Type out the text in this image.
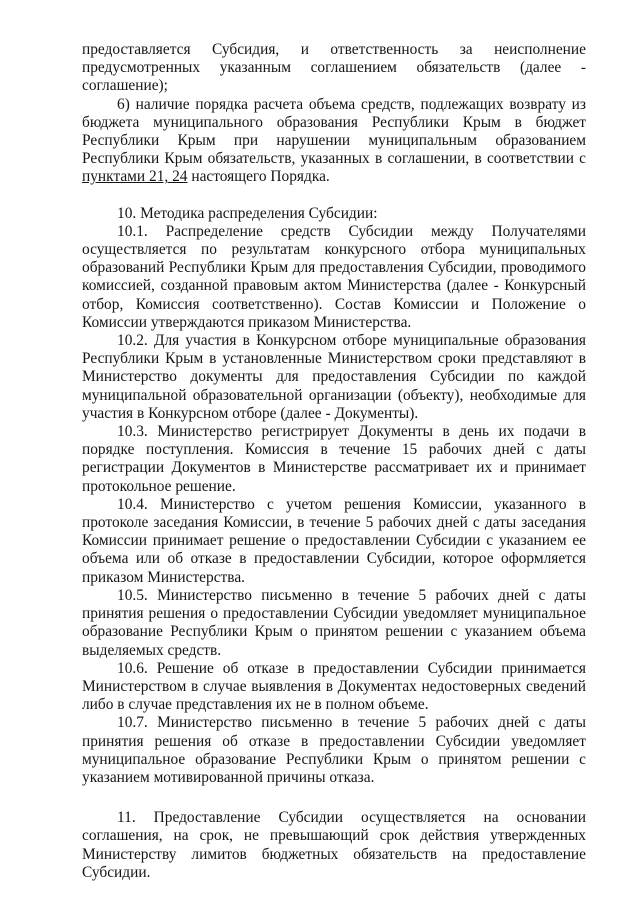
предоставляется Субсидия, и ответственность за неисполнение предусмотренных указанным соглашением обязательств (далее - соглашение);

6) наличие порядка расчета объема средств, подлежащих возврату из бюджета муниципального образования Республики Крым в бюджет Республики Крым при нарушении муниципальным образованием Республики Крым обязательств, указанных в соглашении, в соответствии с пунктами 21, 24 настоящего Порядка.

10. Методика распределения Субсидии:

10.1. Распределение средств Субсидии между Получателями осуществляется по результатам конкурсного отбора муниципальных образований Республики Крым для предоставления Субсидии, проводимого комиссией, созданной правовым актом Министерства (далее - Конкурсный отбор, Комиссия соответственно). Состав Комиссии и Положение о Комиссии утверждаются приказом Министерства.

10.2. Для участия в Конкурсном отборе муниципальные образования Республики Крым в установленные Министерством сроки представляют в Министерство документы для предоставления Субсидии по каждой муниципальной образовательной организации (объекту), необходимые для участия в Конкурсном отборе (далее - Документы).

10.3. Министерство регистрирует Документы в день их подачи в порядке поступления. Комиссия в течение 15 рабочих дней с даты регистрации Документов в Министерстве рассматривает их и принимает протокольное решение.

10.4. Министерство с учетом решения Комиссии, указанного в протоколе заседания Комиссии, в течение 5 рабочих дней с даты заседания Комиссии принимает решение о предоставлении Субсидии с указанием ее объема или об отказе в предоставлении Субсидии, которое оформляется приказом Министерства.

10.5. Министерство письменно в течение 5 рабочих дней с даты принятия решения о предоставлении Субсидии уведомляет муниципальное образование Республики Крым о принятом решении с указанием объема выделяемых средств.

10.6. Решение об отказе в предоставлении Субсидии принимается Министерством в случае выявления в Документах недостоверных сведений либо в случае представления их не в полном объеме.

10.7. Министерство письменно в течение 5 рабочих дней с даты принятия решения об отказе в предоставлении Субсидии уведомляет муниципальное образование Республики Крым о принятом решении с указанием мотивированной причины отказа.

11. Предоставление Субсидии осуществляется на основании соглашения, на срок, не превышающий срок действия утвержденных Министерству лимитов бюджетных обязательств на предоставление Субсидии.
